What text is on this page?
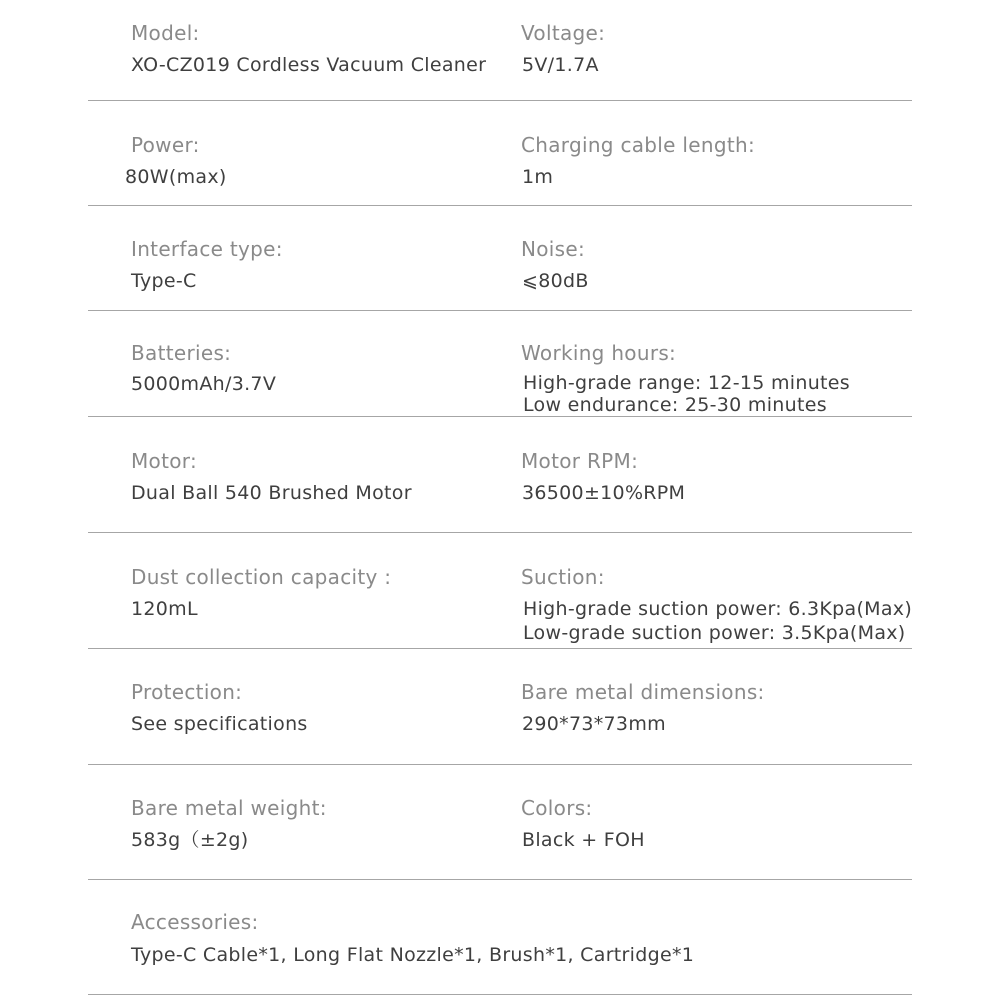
Model:
XO-CZ019 Cordless Vacuum Cleaner
Voltage:
5V/1.7A
Power:
80W(max)
Charging cable length:
1m
Interface type:
Type-C
Noise:
⩽80dB
Batteries:
5000mAh/3.7V
Working hours:
High-grade range: 12-15 minutes
Low endurance: 25-30 minutes
Motor:
Dual Ball 540 Brushed Motor
Motor RPM:
36500±10%RPM
Dust collection capacity :
120mL
Suction:
High-grade suction power: 6.3Kpa(Max)
Low-grade suction power: 3.5Kpa(Max)
Protection:
See specifications
Bare metal dimensions:
290*73*73mm
Bare metal weight:
583g（±2g)
Colors:
Black + FOH
Accessories:
Type-C Cable*1, Long Flat Nozzle*1, Brush*1, Cartridge*1
